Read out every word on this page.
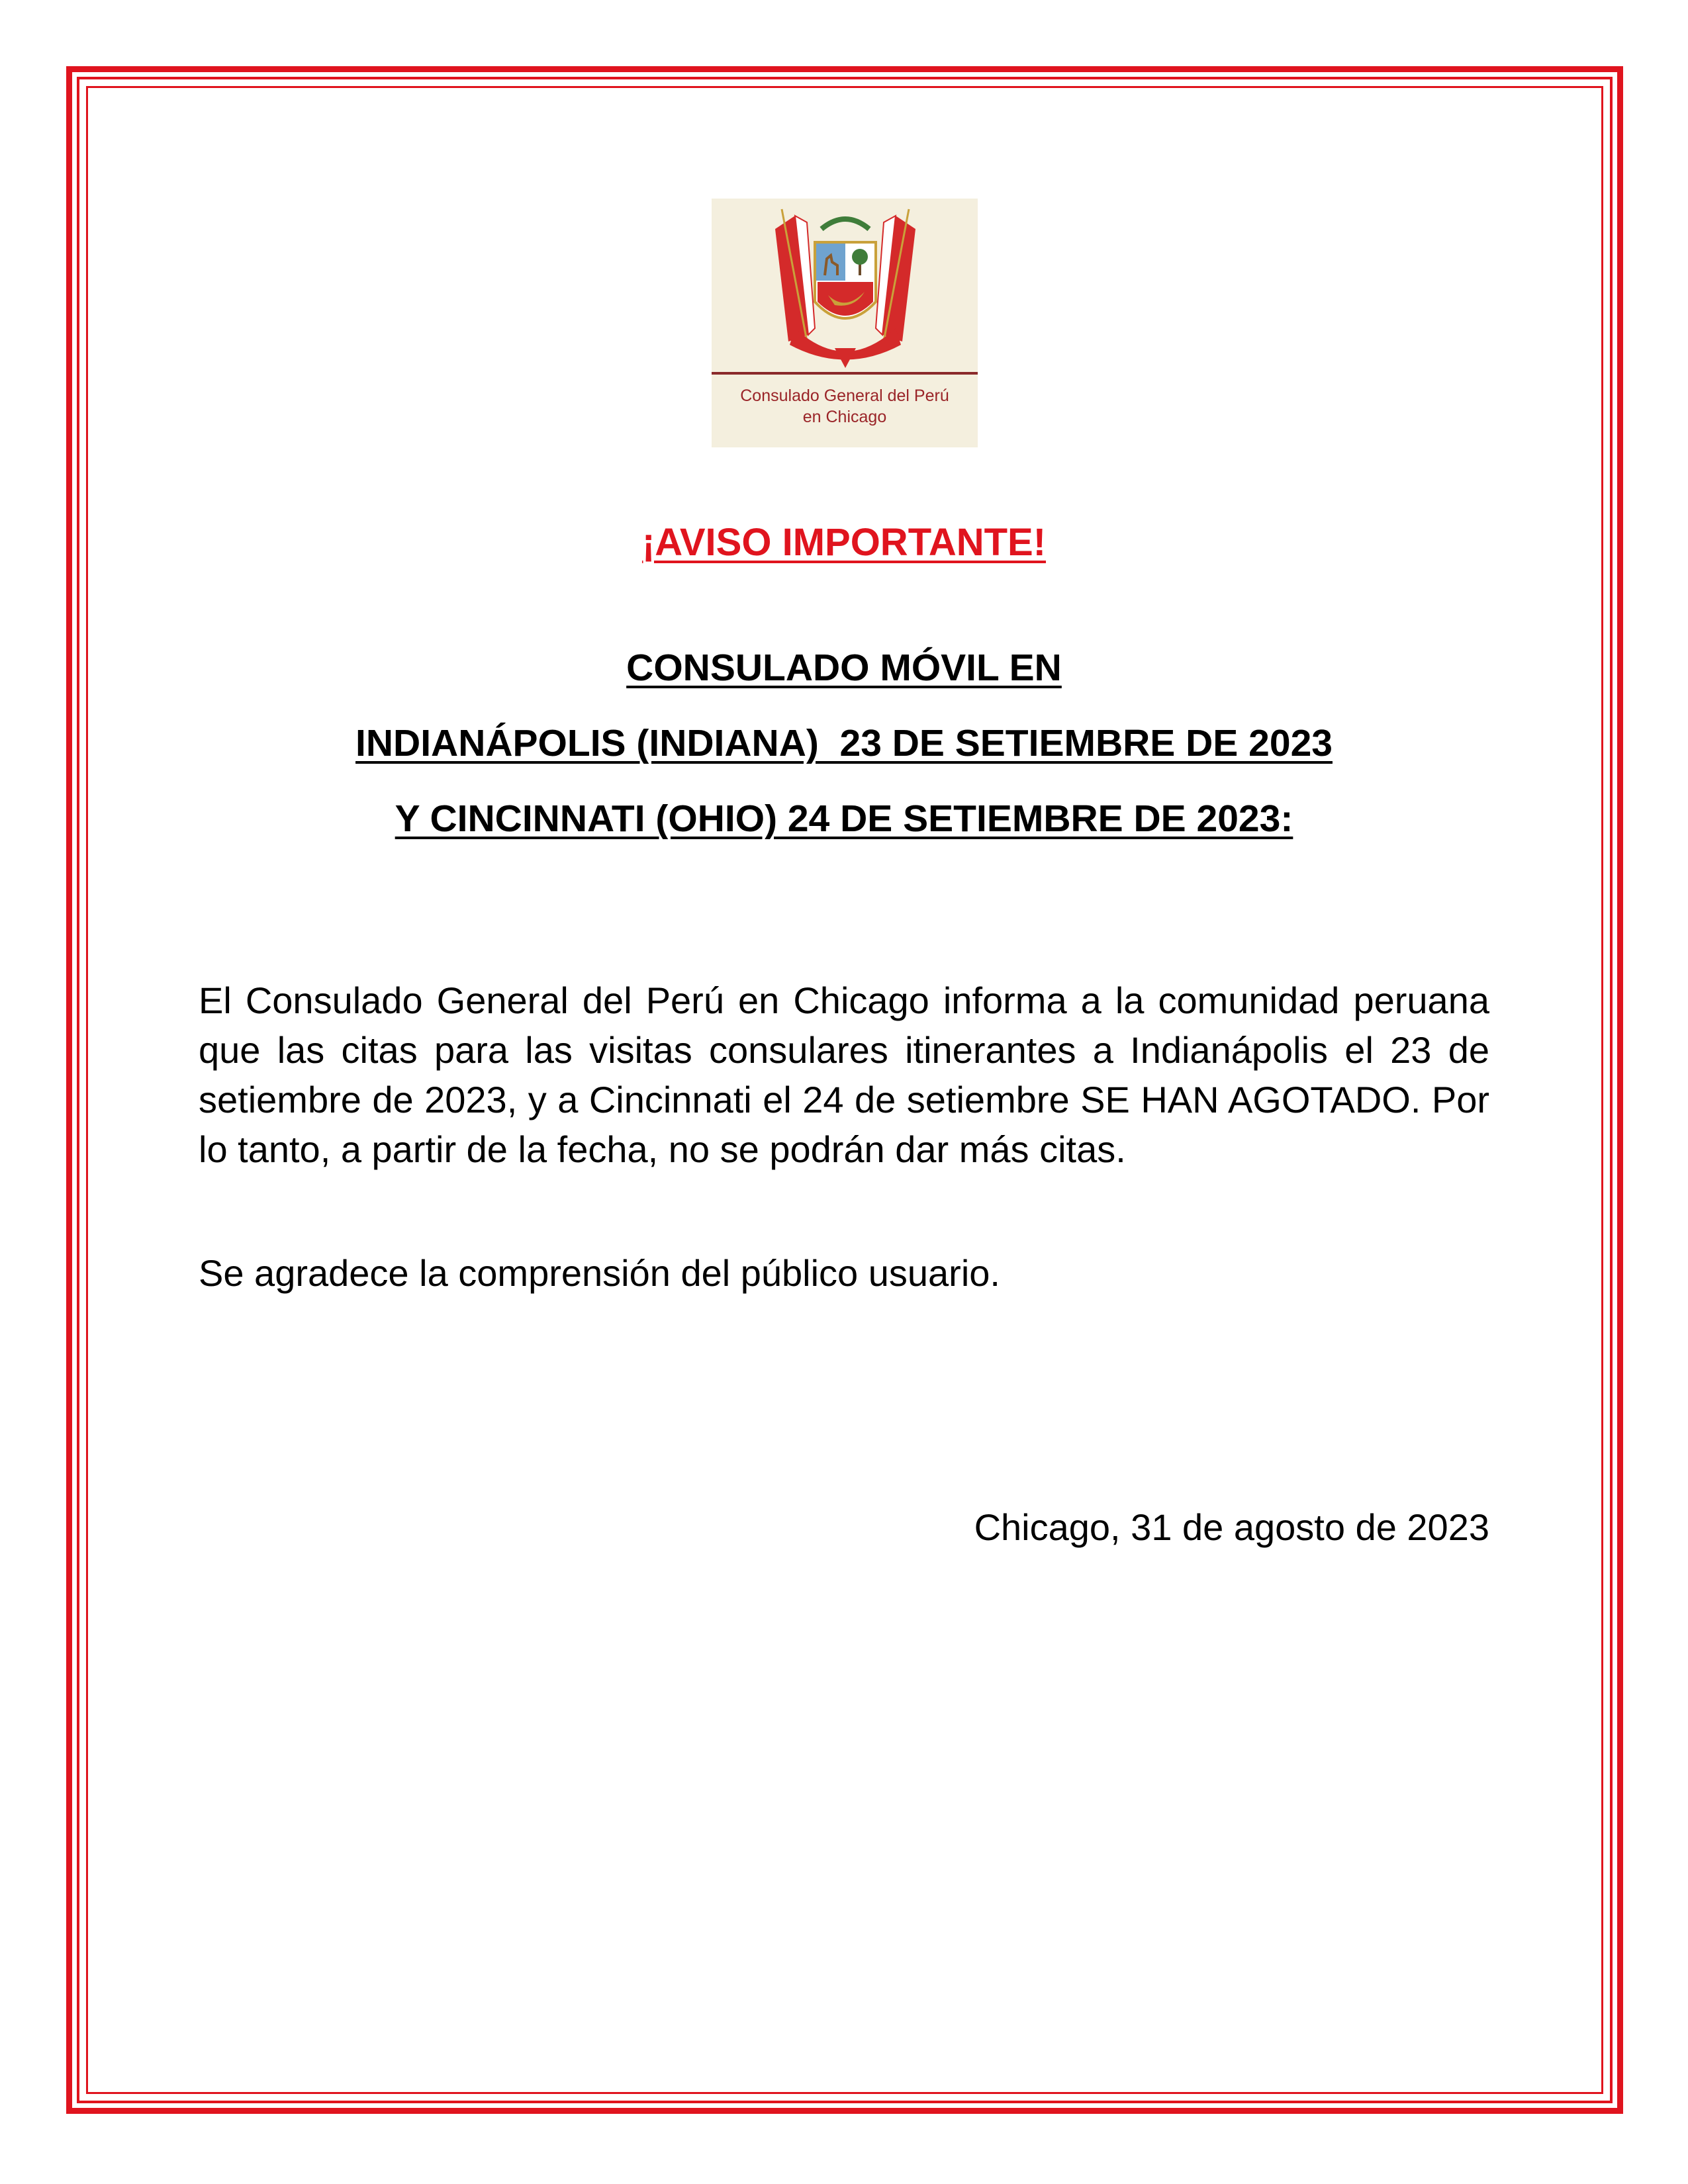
Consulado General del Perú
en Chicago
¡AVISO IMPORTANTE!
CONSULADO MÓVIL EN
INDIANÁPOLIS (INDIANA)  23 DE SETIEMBRE DE 2023
Y CINCINNATI (OHIO) 24 DE SETIEMBRE DE 2023:

El Consulado General del Perú en Chicago informa a la comunidad peruana que las citas para las visitas consulares itinerantes a Indianápolis el 23 de setiembre de 2023, y a Cincinnati el 24 de setiembre SE HAN AGOTADO. Por lo tanto, a partir de la fecha, no se podrán dar más citas.

Se agradece la comprensión del público usuario.

Chicago, 31 de agosto de 2023
